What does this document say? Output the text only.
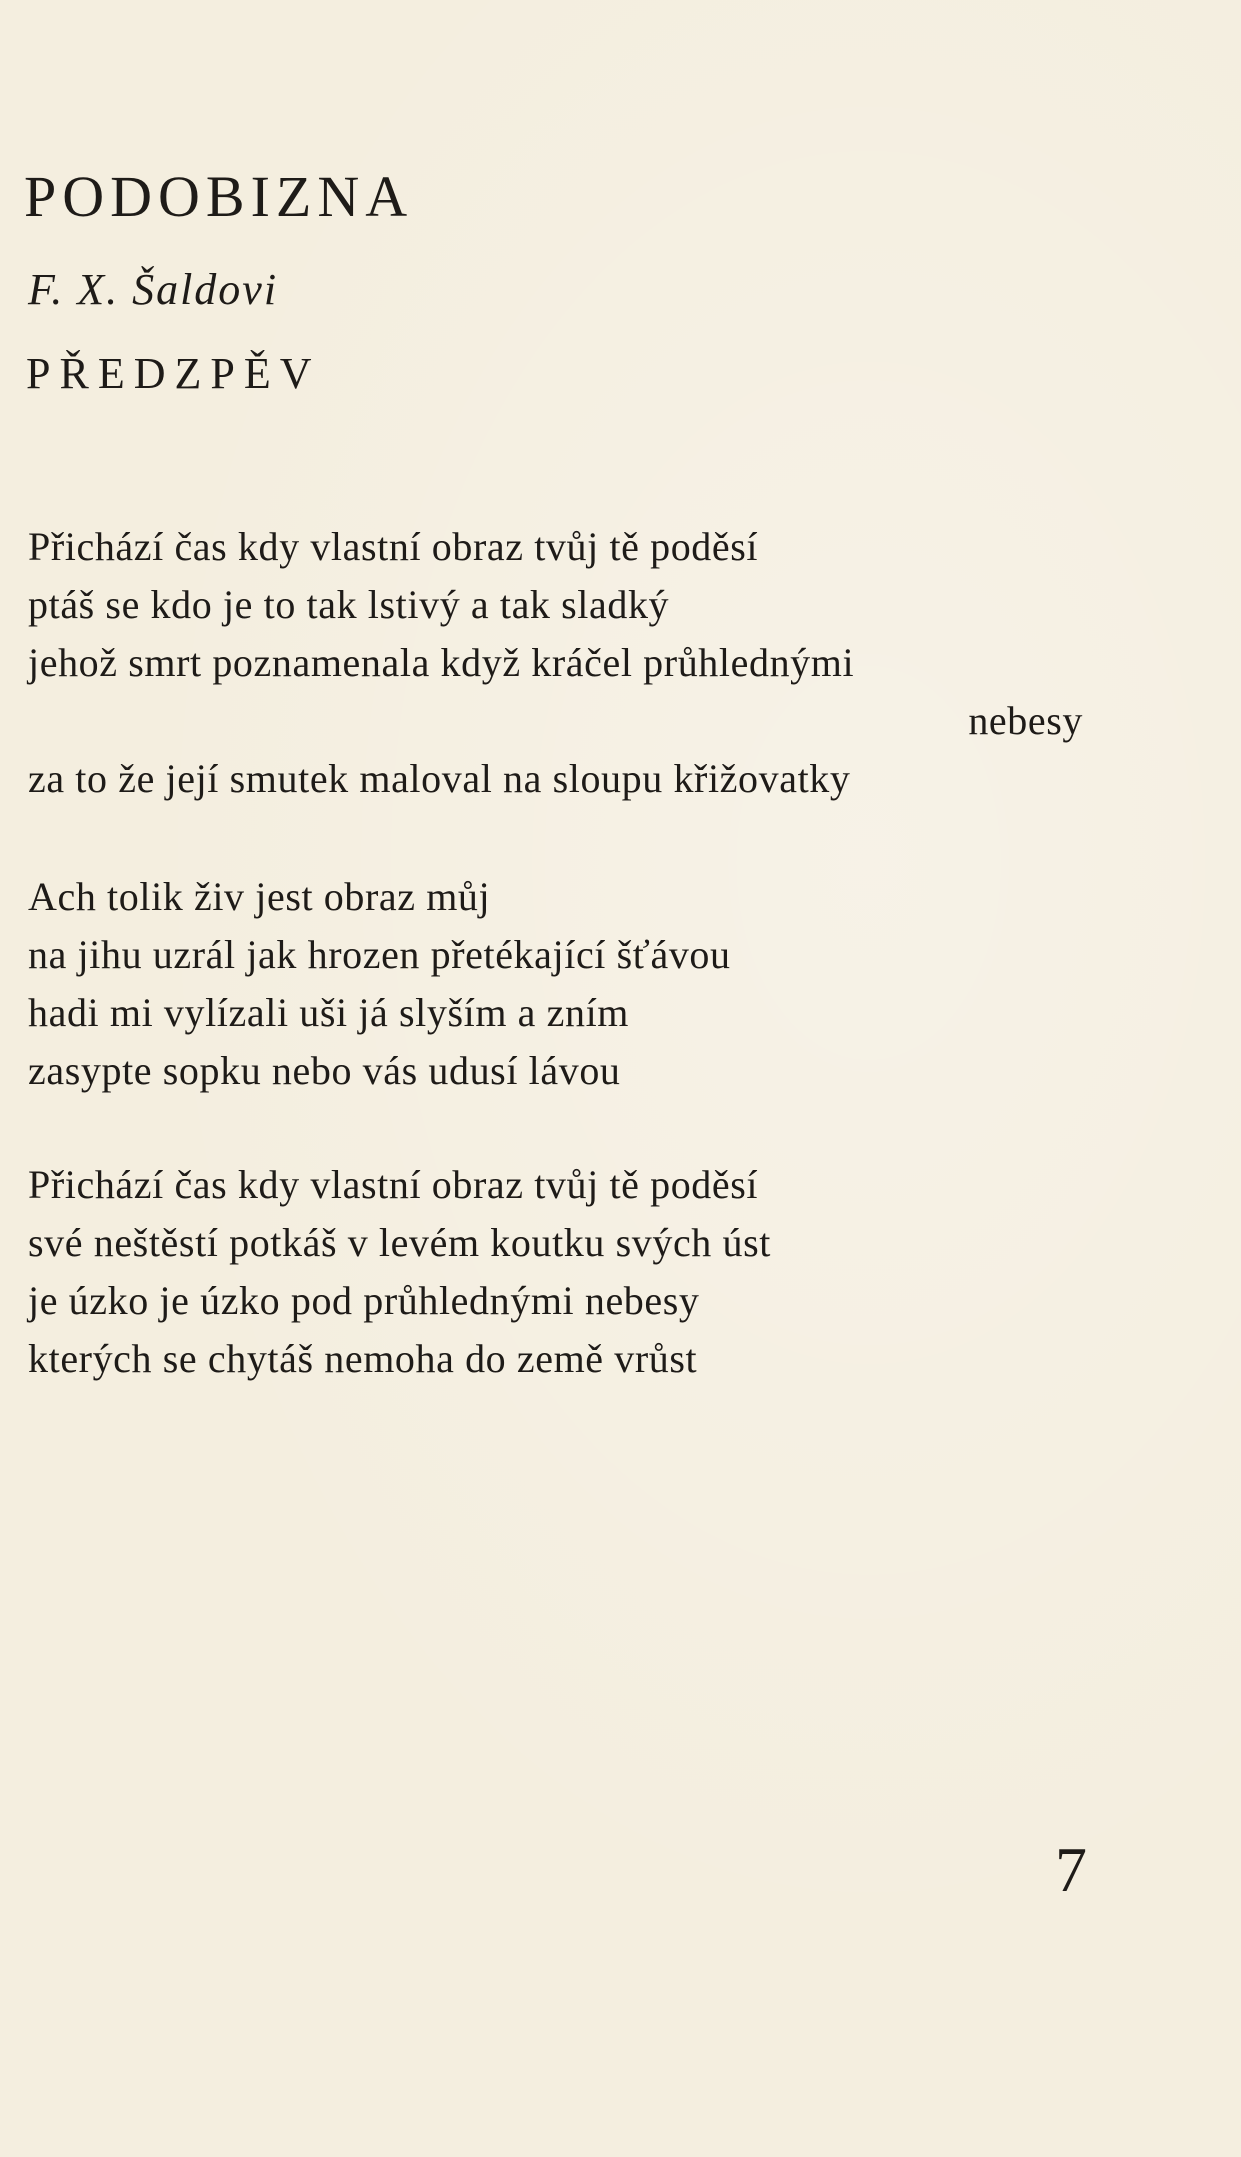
PODOBIZNA
F. X. Šaldovi
PŘEDZPĚV
Přichází čas kdy vlastní obraz tvůj tě poděsí
ptáš se kdo je to tak lstivý a tak sladký
jehož smrt poznamenala když kráčel průhlednými
nebesy
za to že její smutek maloval na sloupu křižovatky
Ach tolik živ jest obraz můj
na jihu uzrál jak hrozen přetékající šťávou
hadi mi vylízali uši já slyším a zním
zasypte sopku nebo vás udusí lávou
Přichází čas kdy vlastní obraz tvůj tě poděsí
své neštěstí potkáš v levém koutku svých úst
je úzko je úzko pod průhlednými nebesy
kterých se chytáš nemoha do země vrůst
7
